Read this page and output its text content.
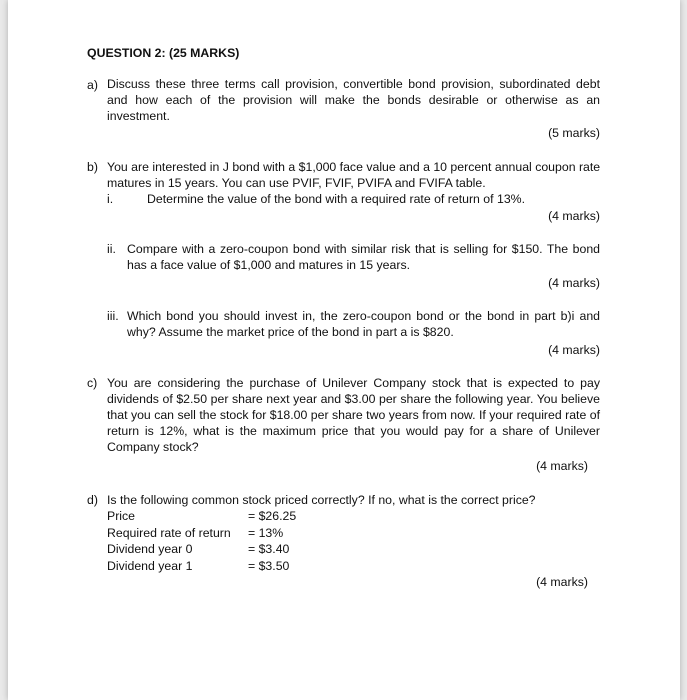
QUESTION 2: (25 MARKS)
a) Discuss these three terms call provision, convertible bond provision, subordinated debt and how each of the provision will make the bonds desirable or otherwise as an investment.
(5 marks)
b) You are interested in J bond with a $1,000 face value and a 10 percent annual coupon rate
matures in 15 years. You can use PVIF, FVIF, PVIFA and FVIFA table.
i.	Determine the value of the bond with a required rate of return of 13%.
(4 marks)
ii. Compare with a zero-coupon bond with similar risk that is selling for $150. The bond has a face value of $1,000 and matures in 15 years.
(4 marks)
iii. Which bond you should invest in, the zero-coupon bond or the bond in part b)i and why? Assume the market price of the bond in part a is $820.
(4 marks)
c) You are considering the purchase of Unilever Company stock that is expected to pay dividends of $2.50 per share next year and $3.00 per share the following year. You believe that you can sell the stock for $18.00 per share two years from now. If your required rate of return is 12%, what is the maximum price that you would pay for a share of Unilever Company stock?
(4 marks)
d) Is the following common stock priced correctly? If no, what is the correct price?
Price	= $26.25
Required rate of return = 13%
Dividend year 0	= $3.40
Dividend year 1	= $3.50
(4 marks)
